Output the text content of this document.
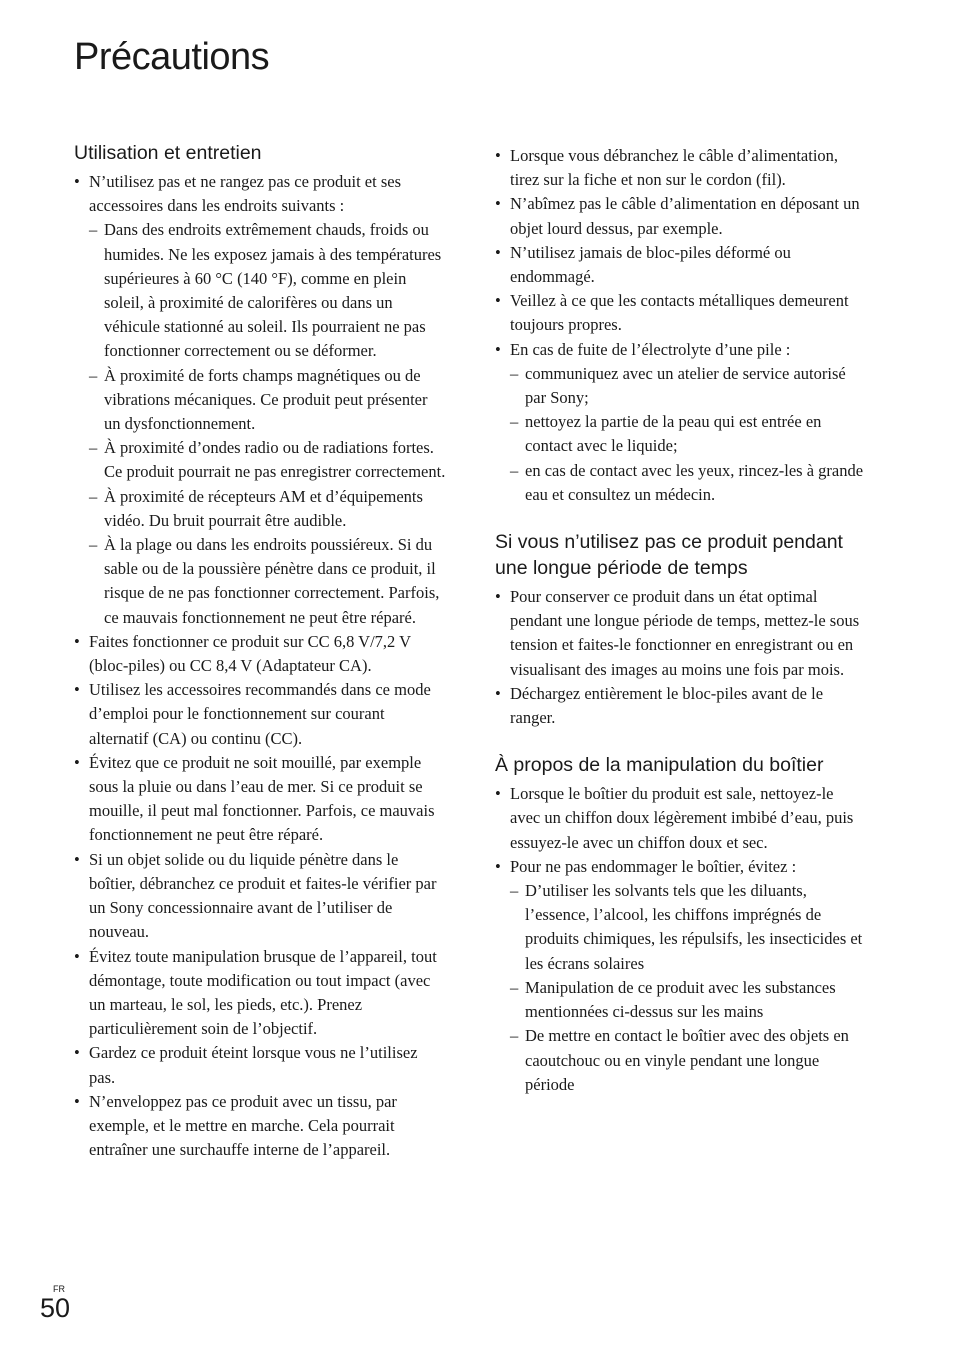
Précautions
Utilisation et entretien
• N’utilisez pas et ne rangez pas ce produit et ses accessoires dans les endroits suivants :
– Dans des endroits extrêmement chauds, froids ou humides. Ne les exposez jamais à des températures supérieures à 60 °C (140 °F), comme en plein soleil, à proximité de calorifères ou dans un véhicule stationné au soleil. Ils pourraient ne pas fonctionner correctement ou se déformer.
– À proximité de forts champs magnétiques ou de vibrations mécaniques. Ce produit peut présenter un dysfonctionnement.
– À proximité d’ondes radio ou de radiations fortes. Ce produit pourrait ne pas enregistrer correctement.
– À proximité de récepteurs AM et d’équipements vidéo. Du bruit pourrait être audible.
– À la plage ou dans les endroits poussiéreux. Si du sable ou de la poussière pénètre dans ce produit, il risque de ne pas fonctionner correctement. Parfois, ce mauvais fonctionnement ne peut être réparé.
• Faites fonctionner ce produit sur CC 6,8 V/7,2 V (bloc-piles) ou CC 8,4 V (Adaptateur CA).
• Utilisez les accessoires recommandés dans ce mode d’emploi pour le fonctionnement sur courant alternatif (CA) ou continu (CC).
• Évitez que ce produit ne soit mouillé, par exemple sous la pluie ou dans l’eau de mer. Si ce produit se mouille, il peut mal fonctionner. Parfois, ce mauvais fonctionnement ne peut être réparé.
• Si un objet solide ou du liquide pénètre dans le boîtier, débranchez ce produit et faites-le vérifier par un Sony concessionnaire avant de l’utiliser de nouveau.
• Évitez toute manipulation brusque de l’appareil, tout démontage, toute modification ou tout impact (avec un marteau, le sol, les pieds, etc.). Prenez particulièrement soin de l’objectif.
• Gardez ce produit éteint lorsque vous ne l’utilisez pas.
• N’enveloppez pas ce produit avec un tissu, par exemple, et le mettre en marche. Cela pourrait entraîner une surchauffe interne de l’appareil.
• Lorsque vous débranchez le câble d’alimentation, tirez sur la fiche et non sur le cordon (fil).
• N’abîmez pas le câble d’alimentation en déposant un objet lourd dessus, par exemple.
• N’utilisez jamais de bloc-piles déformé ou endommagé.
• Veillez à ce que les contacts métalliques demeurent toujours propres.
• En cas de fuite de l’électrolyte d’une pile :
– communiquez avec un atelier de service autorisé par Sony;
– nettoyez la partie de la peau qui est entrée en contact avec le liquide;
– en cas de contact avec les yeux, rincez-les à grande eau et consultez un médecin.
Si vous n’utilisez pas ce produit pendant une longue période de temps
• Pour conserver ce produit dans un état optimal pendant une longue période de temps, mettez-le sous tension et faites-le fonctionner en enregistrant ou en visualisant des images au moins une fois par mois.
• Déchargez entièrement le bloc-piles avant de le ranger.
À propos de la manipulation du boîtier
• Lorsque le boîtier du produit est sale, nettoyez-le avec un chiffon doux légèrement imbibé d’eau, puis essuyez-le avec un chiffon doux et sec.
• Pour ne pas endommager le boîtier, évitez :
– D’utiliser les solvants tels que les diluants, l’essence, l’alcool, les chiffons imprégnés de produits chimiques, les répulsifs, les insecticides et les écrans solaires
– Manipulation de ce produit avec les substances mentionnées ci-dessus sur les mains
– De mettre en contact le boîtier avec des objets en caoutchouc ou en vinyle pendant une longue période
FR
50
